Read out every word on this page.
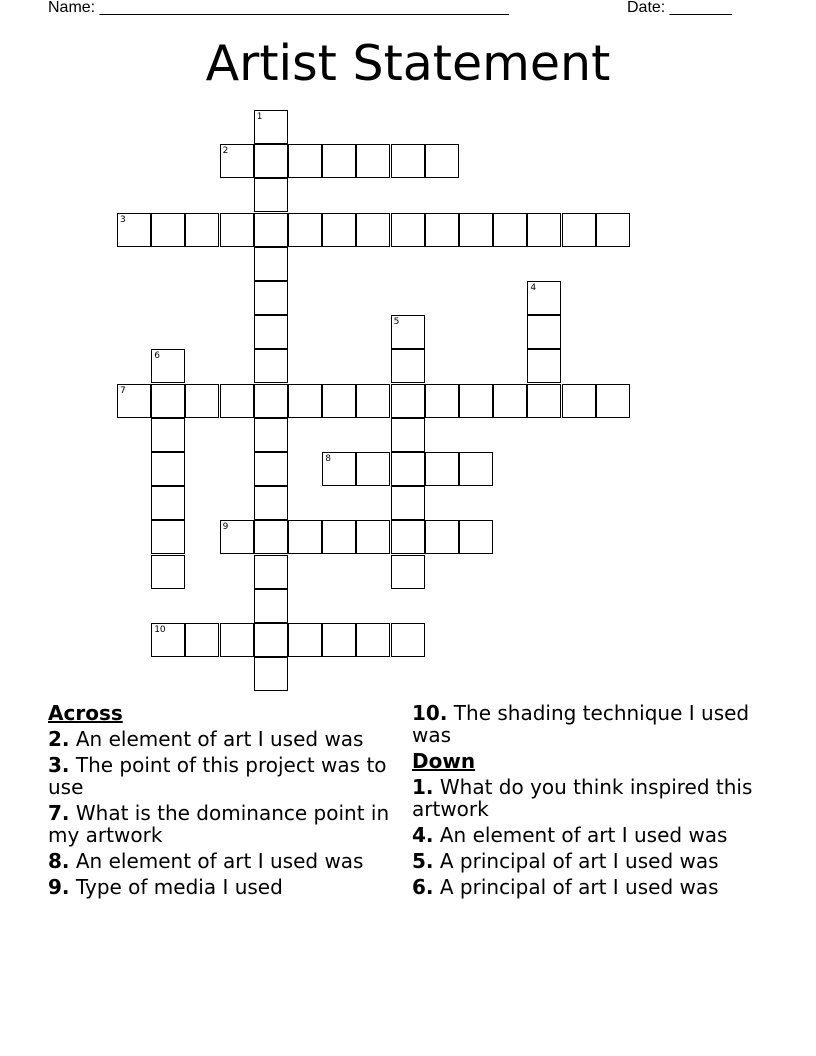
Name: ______________________________________________	Date: _______
Artist Statement
1
2
3
4
5
6
7
8
9
10
Across
2. An element of art I used was
3. The point of this project was to use
7. What is the dominance point in my artwork
8. An element of art I used was
9. Type of media I used
10. The shading technique I used was
Down
1. What do you think inspired this artwork
4. An element of art I used was
5. A principal of art I used was
6. A principal of art I used was
